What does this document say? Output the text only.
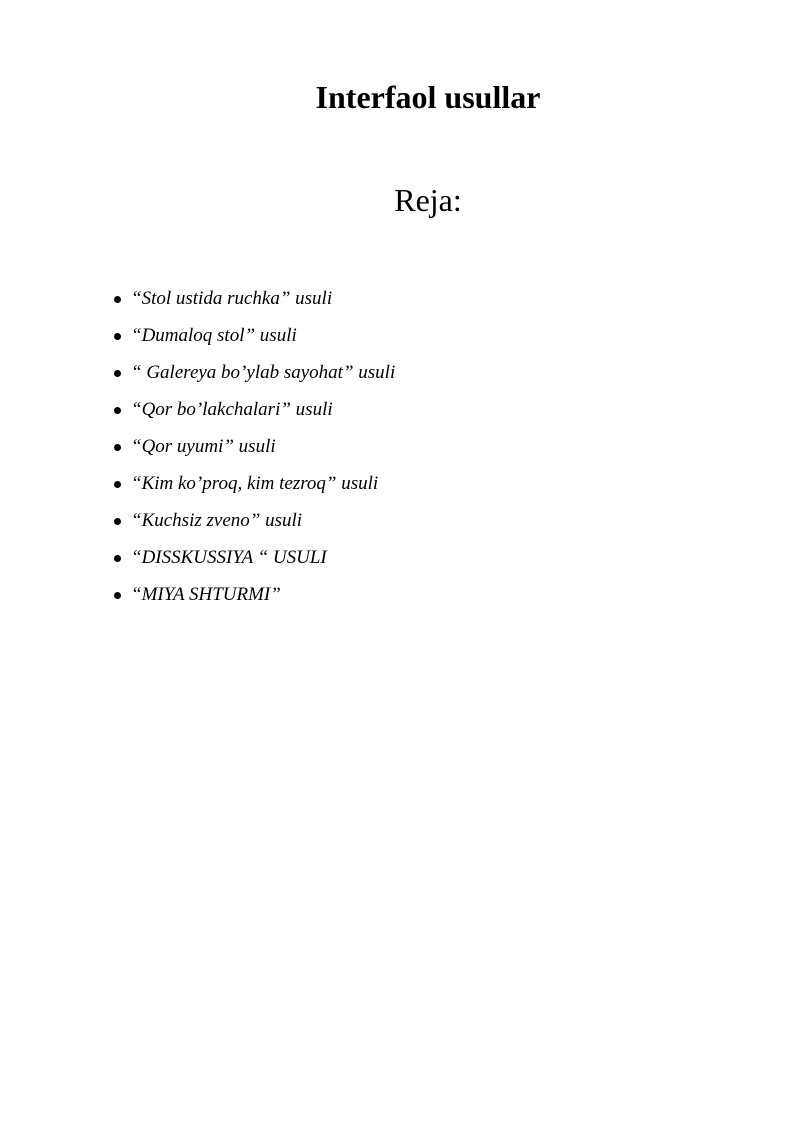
Interfaol usullar
Reja:
“Stol ustida ruchka” usuli
“Dumaloq stol” usuli
“ Galereya bo’ylab sayohat” usuli
“Qor bo’lakchalari” usuli
“Qor uyumi” usuli
“Kim ko’proq, kim tezroq” usuli
“Kuchsiz zveno” usuli
“DISSKUSSIYA “ USULI
“MIYA SHTURMI”
